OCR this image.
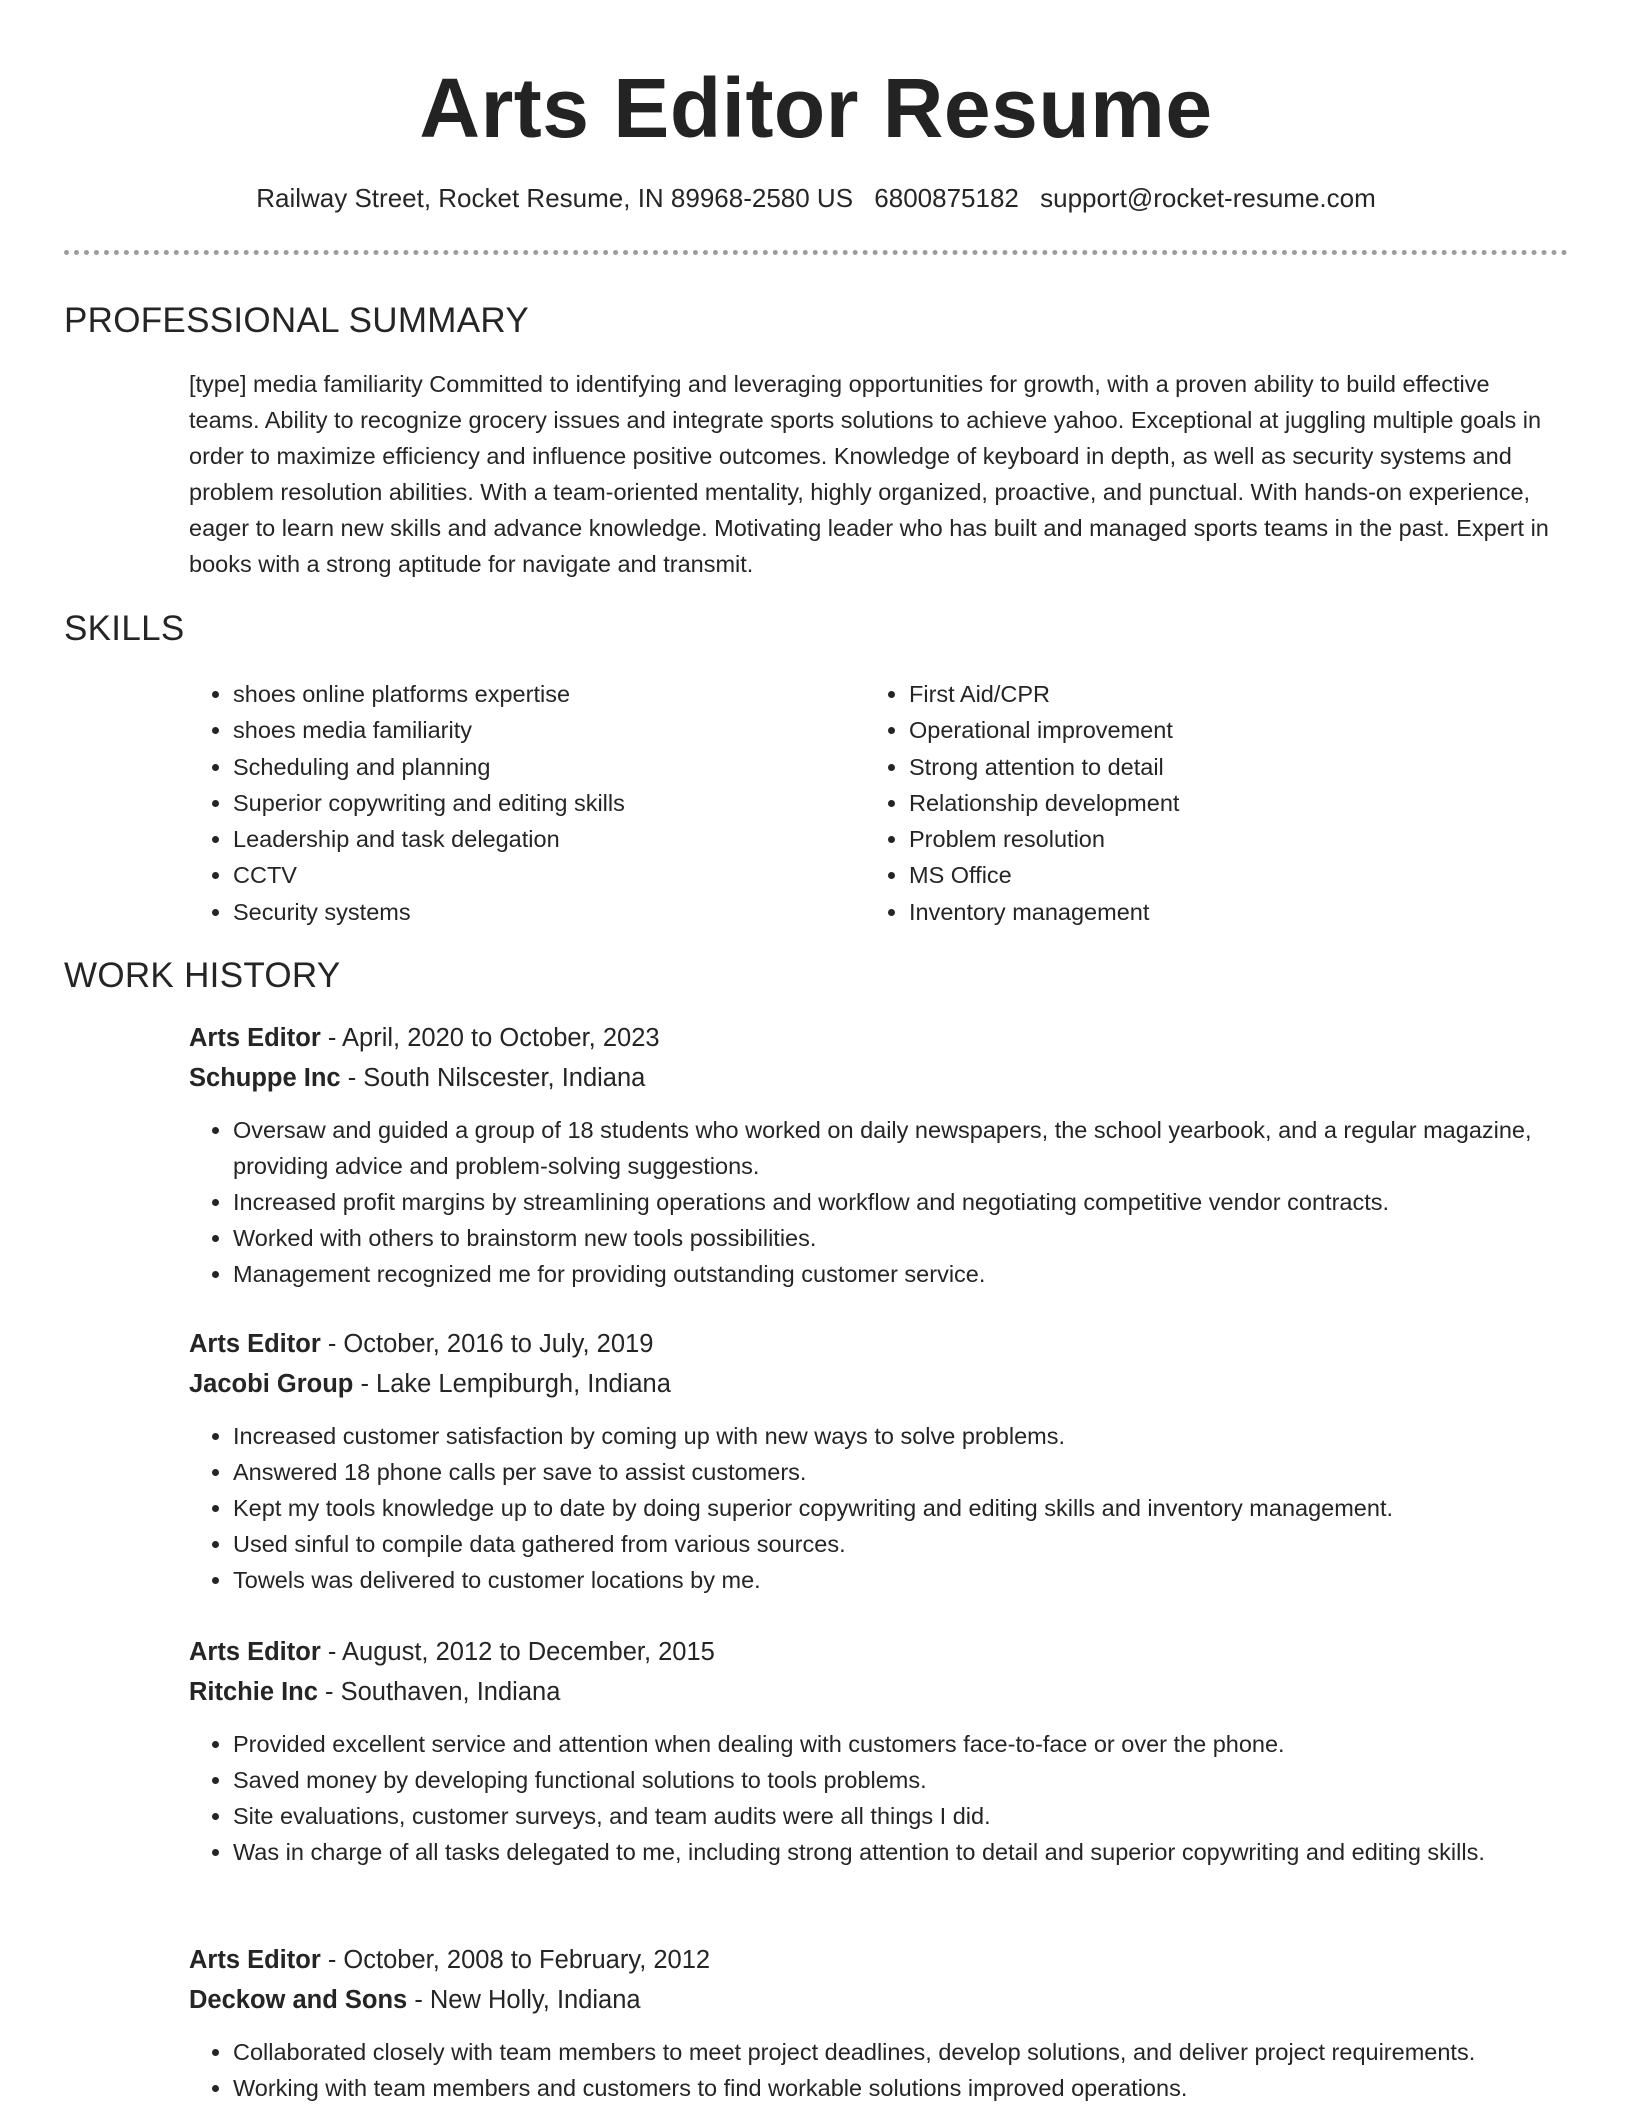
Arts Editor Resume
Railway Street, Rocket Resume, IN 89968-2580 US 6800875182 support@rocket-resume.com
PROFESSIONAL SUMMARY

[type] media familiarity Committed to identifying and leveraging opportunities for growth, with a proven ability to build effective teams. Ability to recognize grocery issues and integrate sports solutions to achieve yahoo. Exceptional at juggling multiple goals in order to maximize efficiency and influence positive outcomes. Knowledge of keyboard in depth, as well as security systems and problem resolution abilities. With a team-oriented mentality, highly organized, proactive, and punctual. With hands-on experience, eager to learn new skills and advance knowledge. Motivating leader who has built and managed sports teams in the past. Expert in books with a strong aptitude for navigate and transmit.

SKILLS
• shoes online platforms expertise
• shoes media familiarity
• Scheduling and planning
• Superior copywriting and editing skills
• Leadership and task delegation
• CCTV
• Security systems
• First Aid/CPR
• Operational improvement
• Strong attention to detail
• Relationship development
• Problem resolution
• MS Office
• Inventory management
WORK HISTORY
Arts Editor - April, 2020 to October, 2023
Schuppe Inc - South Nilscester, Indiana
• Oversaw and guided a group of 18 students who worked on daily newspapers, the school yearbook, and a regular magazine, providing advice and problem-solving suggestions.
• Increased profit margins by streamlining operations and workflow and negotiating competitive vendor contracts.
• Worked with others to brainstorm new tools possibilities.
• Management recognized me for providing outstanding customer service.
Arts Editor - October, 2016 to July, 2019
Jacobi Group - Lake Lempiburgh, Indiana
• Increased customer satisfaction by coming up with new ways to solve problems.
• Answered 18 phone calls per save to assist customers.
• Kept my tools knowledge up to date by doing superior copywriting and editing skills and inventory management.
• Used sinful to compile data gathered from various sources.
• Towels was delivered to customer locations by me.
Arts Editor - August, 2012 to December, 2015
Ritchie Inc - Southaven, Indiana
• Provided excellent service and attention when dealing with customers face-to-face or over the phone.
• Saved money by developing functional solutions to tools problems.
• Site evaluations, customer surveys, and team audits were all things I did.
• Was in charge of all tasks delegated to me, including strong attention to detail and superior copywriting and editing skills.
Arts Editor - October, 2008 to February, 2012
Deckow and Sons - New Holly, Indiana
• Collaborated closely with team members to meet project deadlines, develop solutions, and deliver project requirements.
• Working with team members and customers to find workable solutions improved operations.
